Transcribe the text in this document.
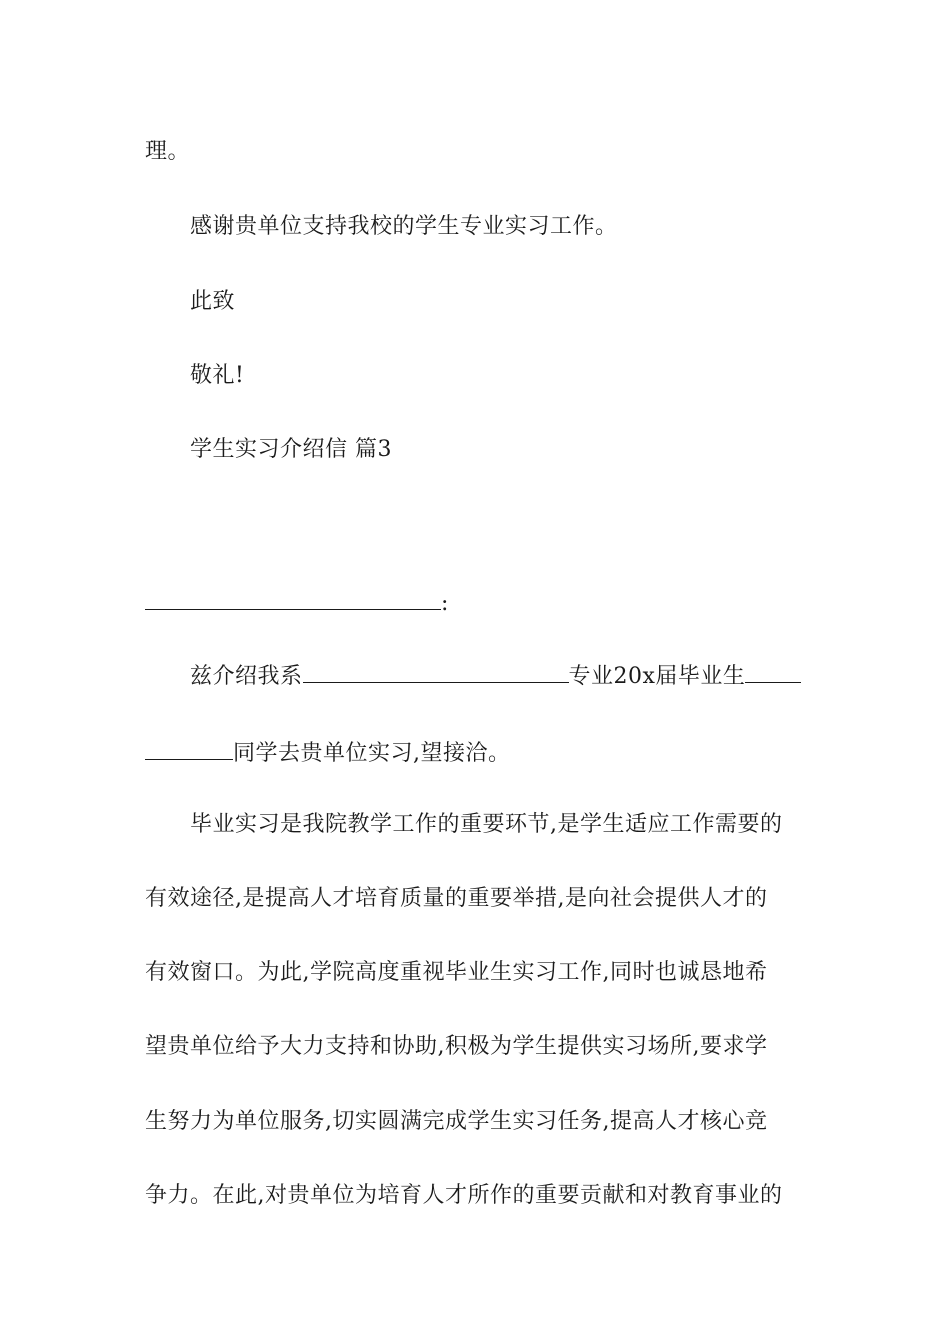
理。
感谢贵单位支持我校的学生专业实习工作。
此致
敬礼!
学生实习介绍信 篇3
:
兹介绍我系	专业20x届毕业生
同学去贵单位实习,望接洽。
毕业实习是我院教学工作的重要环节,是学生适应工作需要的
有效途径,是提高人才培育质量的重要举措,是向社会提供人才的
有效窗口。为此,学院高度重视毕业生实习工作,同时也诚恳地希
望贵单位给予大力支持和协助,积极为学生提供实习场所,要求学
生努力为单位服务,切实圆满完成学生实习任务,提高人才核心竞
争力。在此,对贵单位为培育人才所作的重要贡献和对教育事业的
